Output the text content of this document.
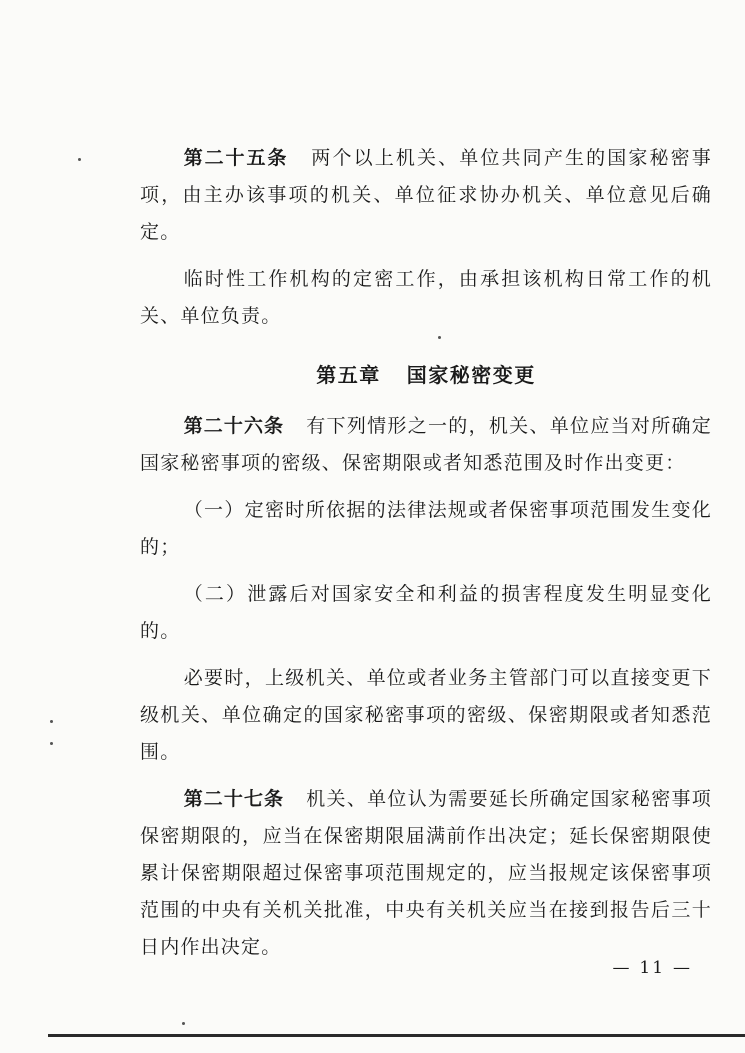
第二十五条 两个以上机关、单位共同产生的国家秘密事项，由主办该事项的机关、单位征求协办机关、单位意见后确定。

临时性工作机构的定密工作，由承担该机构日常工作的机关、单位负责。

第五章 国家秘密变更

第二十六条 有下列情形之一的，机关、单位应当对所确定国家秘密事项的密级、保密期限或者知悉范围及时作出变更：

（一）定密时所依据的法律法规或者保密事项范围发生变化的；

（二）泄露后对国家安全和利益的损害程度发生明显变化的。

必要时，上级机关、单位或者业务主管部门可以直接变更下级机关、单位确定的国家秘密事项的密级、保密期限或者知悉范围。

第二十七条 机关、单位认为需要延长所确定国家秘密事项保密期限的，应当在保密期限届满前作出决定；延长保密期限使累计保密期限超过保密事项范围规定的，应当报规定该保密事项范围的中央有关机关批准，中央有关机关应当在接到报告后三十日内作出决定。

— 11 —
